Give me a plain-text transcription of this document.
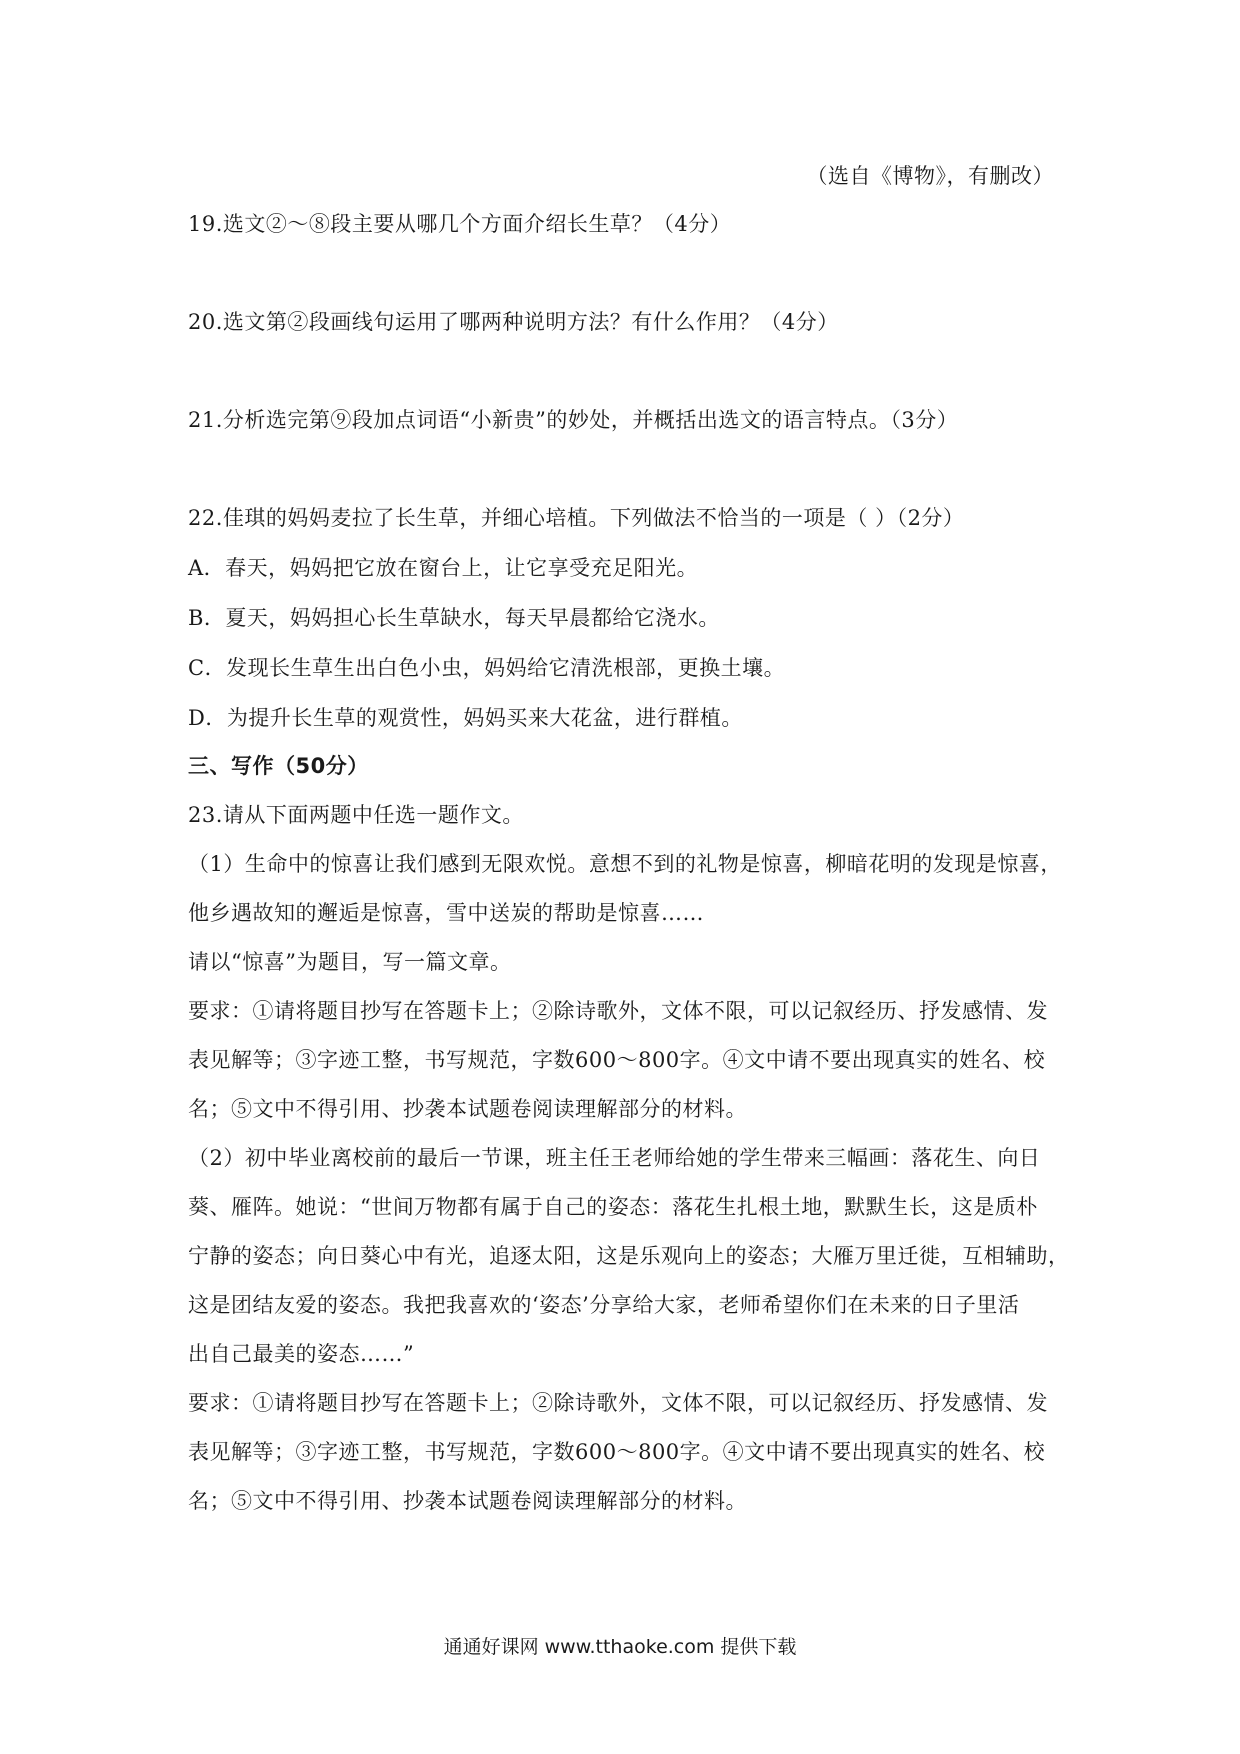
（选自《博物》，有删改）
19.选文②～⑧段主要从哪几个方面介绍长生草？（4分）
20.选文第②段画线句运用了哪两种说明方法？有什么作用？（4分）
21.分析选完第⑨段加点词语“小新贵”的妙处，并概括出选文的语言特点。（3分）
22.佳琪的妈妈麦拉了长生草，并细心培植。下列做法不恰当的一项是（ ）（2分）
A．春天，妈妈把它放在窗台上，让它享受充足阳光。
B．夏天，妈妈担心长生草缺水，每天早晨都给它浇水。
C．发现长生草生出白色小虫，妈妈给它清洗根部，更换土壤。
D．为提升长生草的观赏性，妈妈买来大花盆，进行群植。
三、写作（50分）
23.请从下面两题中任选一题作文。
（1）生命中的惊喜让我们感到无限欢悦。意想不到的礼物是惊喜，柳暗花明的发现是惊喜，
他乡遇故知的邂逅是惊喜，雪中送炭的帮助是惊喜……
请以“惊喜”为题目，写一篇文章。
要求：①请将题目抄写在答题卡上；②除诗歌外，文体不限，可以记叙经历、抒发感情、发
表见解等；③字迹工整，书写规范，字数600～800字。④文中请不要出现真实的姓名、校
名；⑤文中不得引用、抄袭本试题卷阅读理解部分的材料。
（2）初中毕业离校前的最后一节课，班主任王老师给她的学生带来三幅画：落花生、向日
葵、雁阵。她说：“世间万物都有属于自己的姿态：落花生扎根土地，默默生长，这是质朴
宁静的姿态；向日葵心中有光，追逐太阳，这是乐观向上的姿态；大雁万里迁徙，互相辅助，
这是团结友爱的姿态。我把我喜欢的‘姿态’分享给大家，老师希望你们在未来的日子里活
出自己最美的姿态……”
要求：①请将题目抄写在答题卡上；②除诗歌外，文体不限，可以记叙经历、抒发感情、发
表见解等；③字迹工整，书写规范，字数600～800字。④文中请不要出现真实的姓名、校
名；⑤文中不得引用、抄袭本试题卷阅读理解部分的材料。
通通好课网 www.tthaoke.com 提供下载
